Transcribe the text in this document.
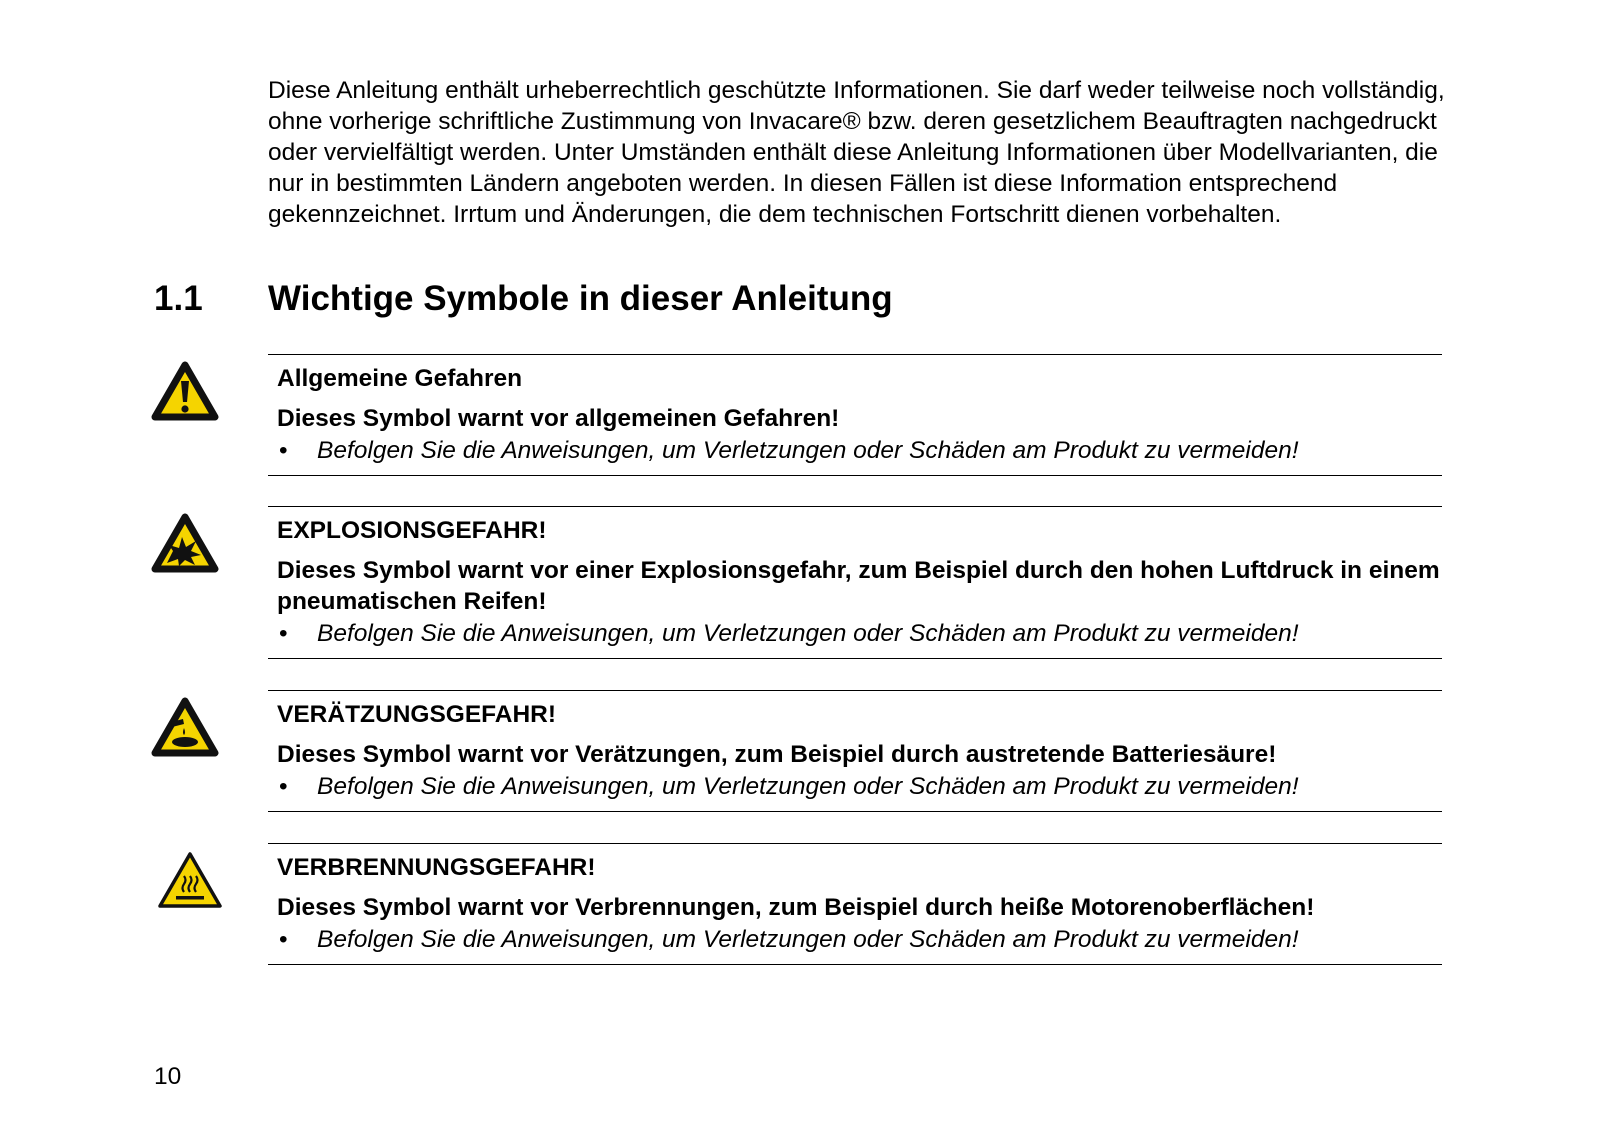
Diese Anleitung enthält urheberrechtlich geschützte Informationen. Sie darf weder teilweise noch vollständig, ohne vorherige schriftliche Zustimmung von Invacare® bzw. deren gesetzlichem Beauftragten nachgedruckt oder vervielfältigt werden. Unter Umständen enthält diese Anleitung Informationen über Modellvarianten, die nur in bestimmten Ländern angeboten werden. In diesen Fällen ist diese Information entsprechend gekennzeichnet. Irrtum und Änderungen, die dem technischen Fortschritt dienen vorbehalten.

1.1 Wichtige Symbole in dieser Anleitung

Allgemeine Gefahren

Dieses Symbol warnt vor allgemeinen Gefahren!

• Befolgen Sie die Anweisungen, um Verletzungen oder Schäden am Produkt zu vermeiden!

EXPLOSIONSGEFAHR!

Dieses Symbol warnt vor einer Explosionsgefahr, zum Beispiel durch den hohen Luftdruck in einem pneumatischen Reifen!

• Befolgen Sie die Anweisungen, um Verletzungen oder Schäden am Produkt zu vermeiden!

VERÄTZUNGSGEFAHR!

Dieses Symbol warnt vor Verätzungen, zum Beispiel durch austretende Batteriesäure!

• Befolgen Sie die Anweisungen, um Verletzungen oder Schäden am Produkt zu vermeiden!

VERBRENNUNGSGEFAHR!

Dieses Symbol warnt vor Verbrennungen, zum Beispiel durch heiße Motorenoberflächen!

• Befolgen Sie die Anweisungen, um Verletzungen oder Schäden am Produkt zu vermeiden!

10
